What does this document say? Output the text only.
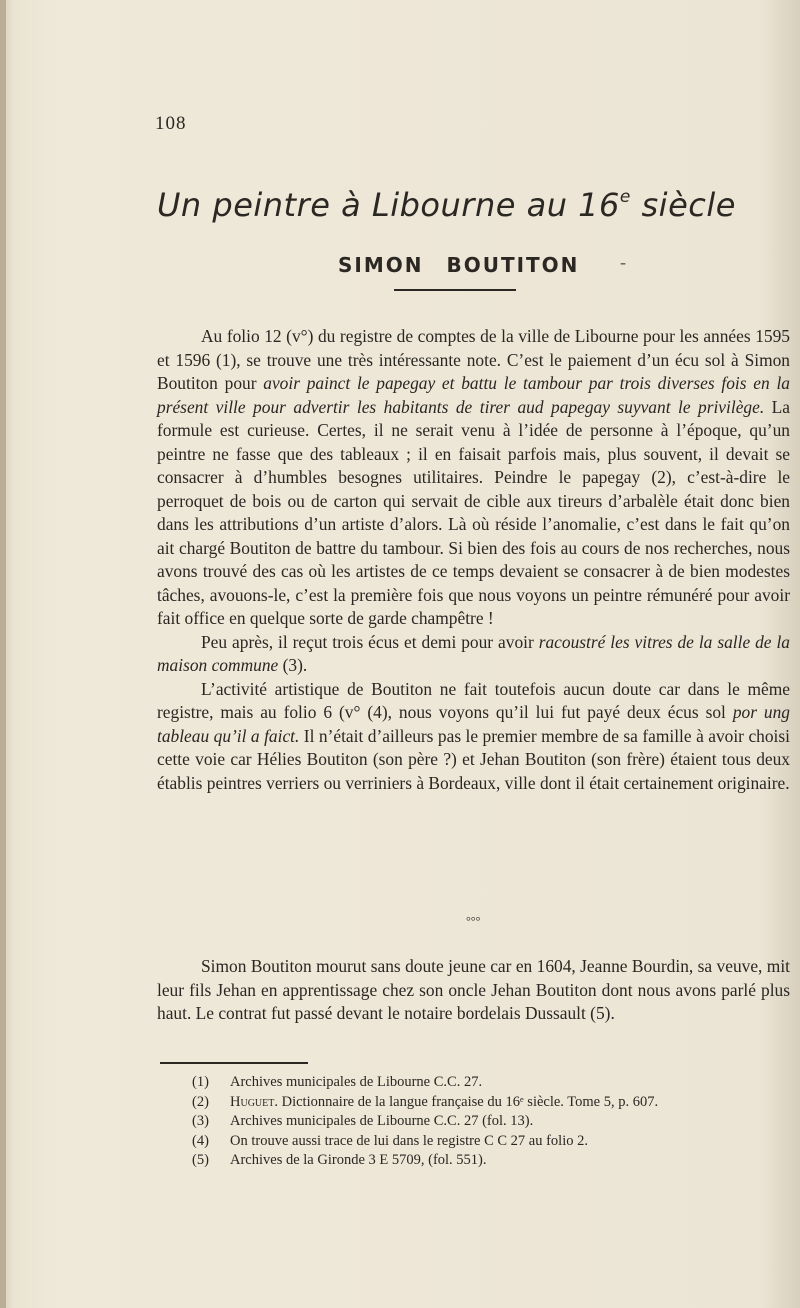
108
Un peintre à Libourne au 16e siècle
SIMON BOUTITON -

Au folio 12 (v°) du registre de comptes de la ville de Libourne pour les années 1595 et 1596 (1), se trouve une très intéressante note. C’est le paiement d’un écu sol à Simon Boutiton pour avoir painct le papegay et battu le tambour par trois diverses fois en la présent ville pour advertir les habitants de tirer aud papegay suyvant le privilège. La formule est curieuse. Certes, il ne serait venu à l’idée de personne à l’époque, qu’un peintre ne fasse que des tableaux ; il en faisait parfois mais, plus souvent, il devait se consacrer à d’humbles besognes utilitaires. Peindre le papegay (2), c’est-à-dire le perroquet de bois ou de carton qui servait de cible aux tireurs d’arbalèle était donc bien dans les attributions d’un artiste d’alors. Là où réside l’anomalie, c’est dans le fait qu’on ait chargé Boutiton de battre du tambour. Si bien des fois au cours de nos recherches, nous avons trouvé des cas où les artistes de ce temps devaient se consacrer à de bien modestes tâches, avouons-le, c’est la première fois que nous voyons un peintre rémunéré pour avoir fait office en quelque sorte de garde champêtre !

Peu après, il reçut trois écus et demi pour avoir racoustré les vitres de la salle de la maison commune (3).

L’activité artistique de Boutiton ne fait toutefois aucun doute car dans le même registre, mais au folio 6 (v° (4), nous voyons qu’il lui fut payé deux écus sol por ung tableau qu’il a faict. Il n’était d’ailleurs pas le premier membre de sa famille à avoir choisi cette voie car Hélies Boutiton (son père ?) et Jehan Boutiton (son frère) étaient tous deux établis peintres verriers ou verriniers à Bordeaux, ville dont il était certainement originaire.

°°°

Simon Boutiton mourut sans doute jeune car en 1604, Jeanne Bourdin, sa veuve, mit leur fils Jehan en apprentissage chez son oncle Jehan Boutiton dont nous avons parlé plus haut. Le contrat fut passé devant le notaire bordelais Dussault (5).

(1)	Archives municipales de Libourne C.C. 27.
(2)	Huguet. Dictionnaire de la langue française du 16ᵉ siècle. Tome 5, p. 607.
(3)	Archives municipales de Libourne C.C. 27 (fol. 13).
(4)	On trouve aussi trace de lui dans le registre C C 27 au folio 2.
(5)	Archives de la Gironde 3 E 5709, (fol. 551).
